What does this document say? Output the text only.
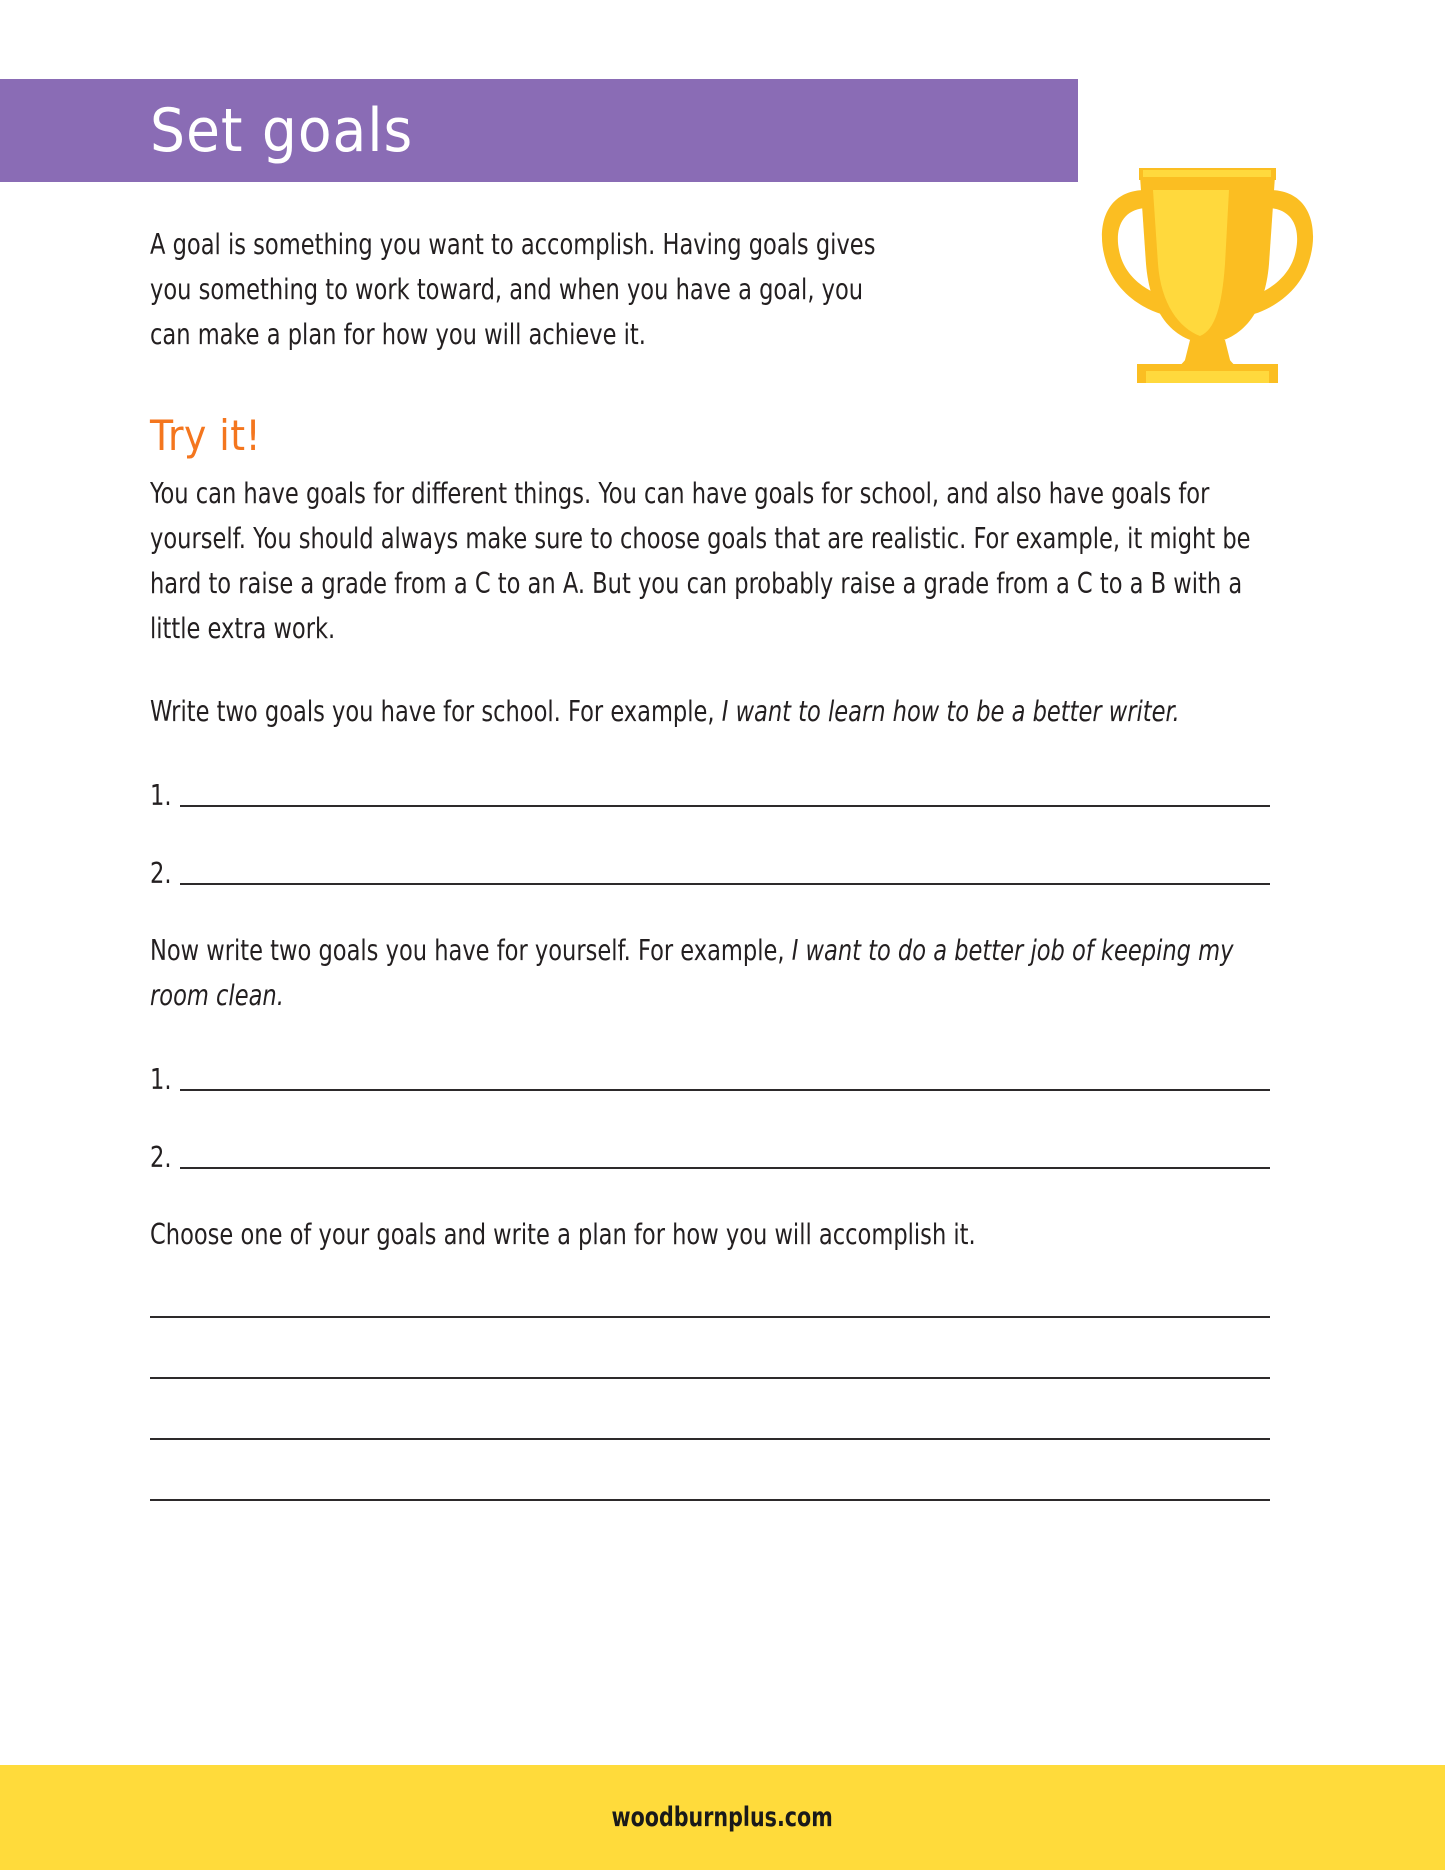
Set goals

A goal is something you want to accomplish. Having goals gives you something to work toward, and when you have a goal, you can make a plan for how you will achieve it.

Try it!

You can have goals for different things. You can have goals for school, and also have goals for yourself. You should always make sure to choose goals that are realistic. For example, it might be hard to raise a grade from a C to an A. But you can probably raise a grade from a C to a B with a little extra work.

Write two goals you have for school. For example, I want to learn how to be a better writer.

1.
2.

Now write two goals you have for yourself. For example, I want to do a better job of keeping my room clean.

1.
2.

Choose one of your goals and write a plan for how you will accomplish it.

woodburnplus.com
